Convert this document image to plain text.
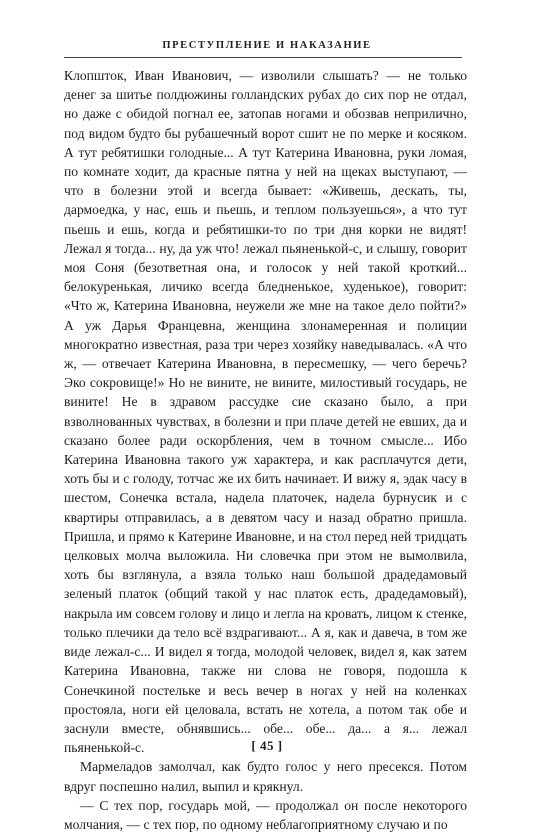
ПРЕСТУПЛЕНИЕ И НАКАЗАНИЕ

Клопшток, Иван Иванович, — изволили слышать? — не только денег за шитье полдюжины голландских рубах до сих пор не отдал, но даже с обидой погнал ее, затопав ногами и обозвав неприлично, под видом будто бы рубашечный ворот сшит не по мерке и косяком. А тут ребятишки голодные... А тут Катерина Ивановна, руки ломая, по комнате ходит, да красные пятна у ней на щеках выступают, — что в болезни этой и всегда бывает: «Живешь, дескать, ты, дармоедка, у нас, ешь и пьешь, и теплом пользуешься», а что тут пьешь и ешь, когда и ребятишки-то по три дня корки не видят! Лежал я тогда... ну, да уж что! лежал пьяненькой-с, и слышу, говорит моя Соня (безответная она, и голосок у ней такой кроткий... белокуренькая, личико всегда бледненькое, худенькое), говорит: «Что ж, Катерина Ивановна, неужели же мне на такое дело пойти?» А уж Дарья Францевна, женщина злонамеренная и полиции многократно известная, раза три через хозяйку наведывалась. «А что ж, — отвечает Катерина Ивановна, в пересмешку, — чего беречь? Эко сокровище!» Но не вините, не вините, милостивый государь, не вините! Не в здравом рассудке сие сказано было, а при взволнованных чувствах, в болезни и при плаче детей не евших, да и сказано более ради оскорбления, чем в точном смысле... Ибо Катерина Ивановна такого уж характера, и как расплачутся дети, хоть бы и с голоду, тотчас же их бить начинает. И вижу я, эдак часу в шестом, Сонечка встала, надела платочек, надела бурнусик и с квартиры отправилась, а в девятом часу и назад обратно пришла. Пришла, и прямо к Катерине Ивановне, и на стол перед ней тридцать целковых молча выложила. Ни словечка при этом не вымолвила, хоть бы взглянула, а взяла только наш большой драдедамовый зеленый платок (общий такой у нас платок есть, драдедамовый), накрыла им совсем голову и лицо и легла на кровать, лицом к стенке, только плечики да тело всё вздрагивают... А я, как и давеча, в том же виде лежал-с... И видел я тогда, молодой человек, видел я, как затем Катерина Ивановна, также ни слова не говоря, подошла к Сонечкиной постельке и весь вечер в ногах у ней на коленках простояла, ноги ей целовала, встать не хотела, а потом так обе и заснули вместе, обнявшись... обе... обе... да... а я... лежал пьяненькой-с.

Мармеладов замолчал, как будто голос у него пресекся. Потом вдруг поспешно налил, выпил и крякнул.

— С тех пор, государь мой, — продолжал он после некоторого молчания, — с тех пор, по одному неблагоприятному случаю и по

[ 45 ]
